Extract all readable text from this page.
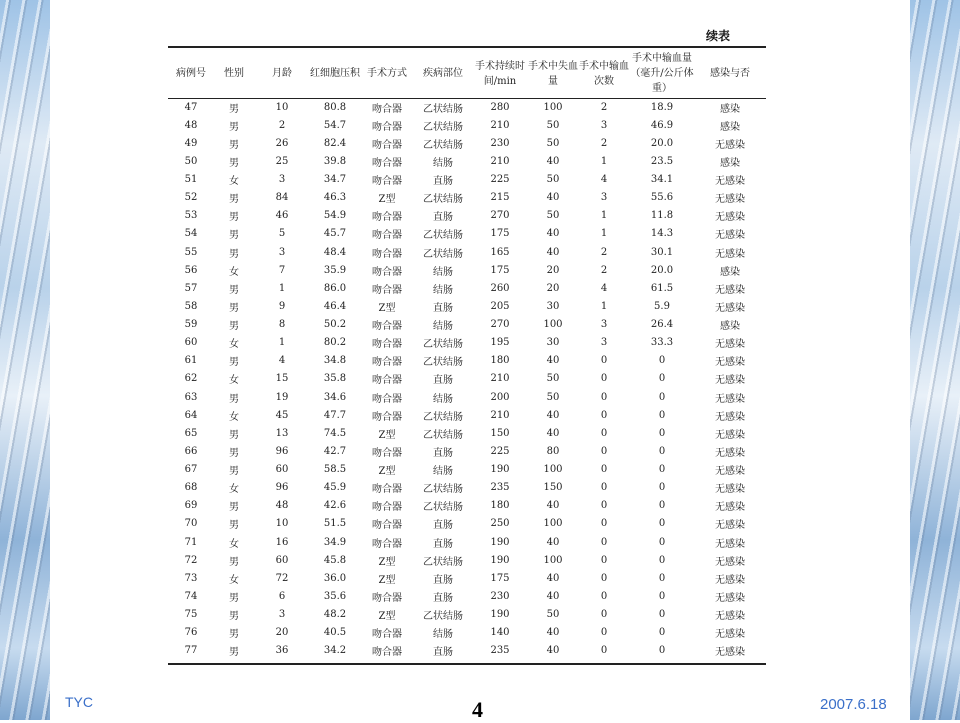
续表
病例号	性别	月龄	红细胞压积	手术方式	疾病部位	手术持续时间/min	手术中失血量	手术中输血次数	手术中输血量（毫升/公斤体重）	感染与否
47	男	10	80.8	吻合器	乙状结肠	280	100	2	18.9	感染
48	男	2	54.7	吻合器	乙状结肠	210	50	3	46.9	感染
49	男	26	82.4	吻合器	乙状结肠	230	50	2	20.0	无感染
50	男	25	39.8	吻合器	结肠	210	40	1	23.5	感染
51	女	3	34.7	吻合器	直肠	225	50	4	34.1	无感染
52	男	84	46.3	Z型	乙状结肠	215	40	3	55.6	无感染
53	男	46	54.9	吻合器	直肠	270	50	1	11.8	无感染
54	男	5	45.7	吻合器	乙状结肠	175	40	1	14.3	无感染
55	男	3	48.4	吻合器	乙状结肠	165	40	2	30.1	无感染
56	女	7	35.9	吻合器	结肠	175	20	2	20.0	感染
57	男	1	86.0	吻合器	结肠	260	20	4	61.5	无感染
58	男	9	46.4	Z型	直肠	205	30	1	5.9	无感染
59	男	8	50.2	吻合器	结肠	270	100	3	26.4	感染
60	女	1	80.2	吻合器	乙状结肠	195	30	3	33.3	无感染
61	男	4	34.8	吻合器	乙状结肠	180	40	0	0	无感染
62	女	15	35.8	吻合器	直肠	210	50	0	0	无感染
63	男	19	34.6	吻合器	结肠	200	50	0	0	无感染
64	女	45	47.7	吻合器	乙状结肠	210	40	0	0	无感染
65	男	13	74.5	Z型	乙状结肠	150	40	0	0	无感染
66	男	96	42.7	吻合器	直肠	225	80	0	0	无感染
67	男	60	58.5	Z型	结肠	190	100	0	0	无感染
68	女	96	45.9	吻合器	乙状结肠	235	150	0	0	无感染
69	男	48	42.6	吻合器	乙状结肠	180	40	0	0	无感染
70	男	10	51.5	吻合器	直肠	250	100	0	0	无感染
71	女	16	34.9	吻合器	直肠	190	40	0	0	无感染
72	男	60	45.8	Z型	乙状结肠	190	100	0	0	无感染
73	女	72	36.0	Z型	直肠	175	40	0	0	无感染
74	男	6	35.6	吻合器	直肠	230	40	0	0	无感染
75	男	3	48.2	Z型	乙状结肠	190	50	0	0	无感染
76	男	20	40.5	吻合器	结肠	140	40	0	0	无感染
77	男	36	34.2	吻合器	直肠	235	40	0	0	无感染
TYC	4	2007.6.18
